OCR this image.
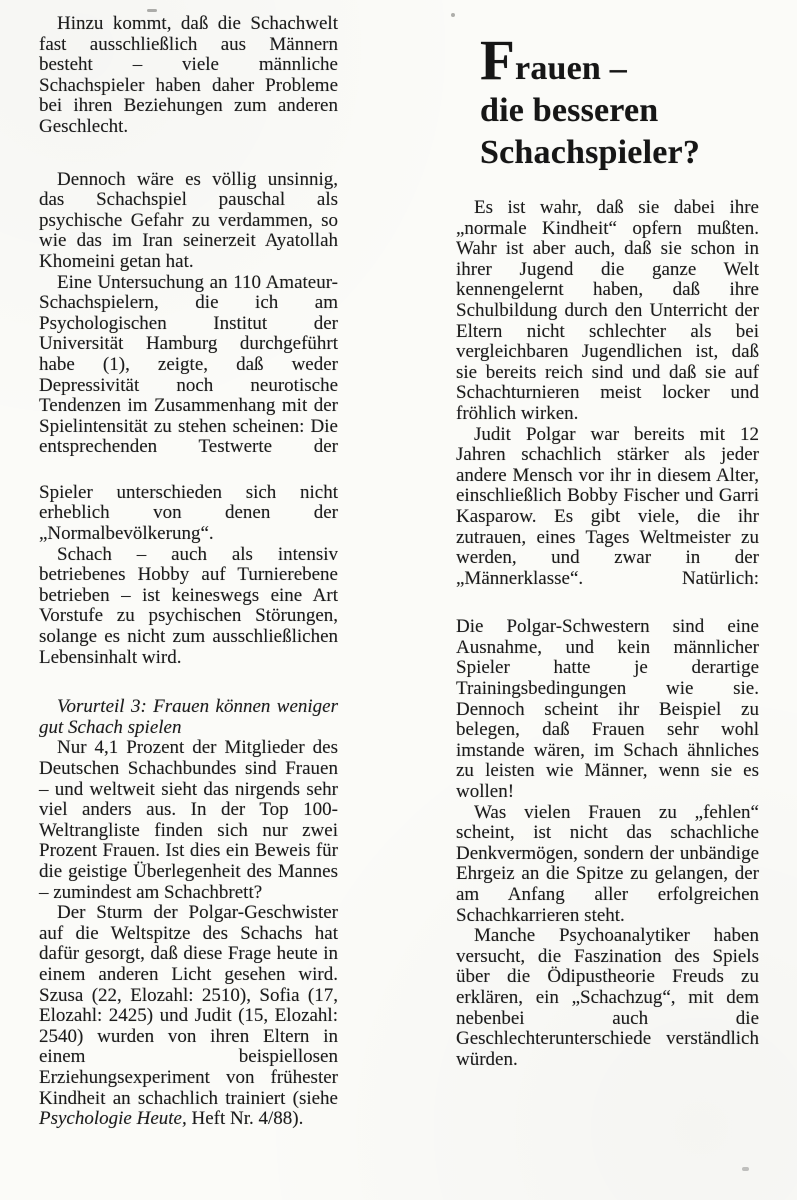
Hinzu kommt, daß die Schachwelt fast ausschließlich aus Männern besteht – viele männliche Schachspieler haben daher Probleme bei ihren Beziehungen zum anderen Geschlecht.

Dennoch wäre es völlig unsinnig, das Schachspiel pauschal als psychische Gefahr zu verdammen, so wie das im Iran seinerzeit Ayatollah Khomeini getan hat.

Eine Untersuchung an 110 Amateur-Schachspielern, die ich am Psychologischen Institut der Universität Hamburg durchgeführt habe (1), zeigte, daß weder Depressivität noch neurotische Tendenzen im Zusammenhang mit der Spielintensität zu stehen scheinen: Die entsprechenden Testwerte der

Spieler unterschieden sich nicht erheblich von denen der „Normalbevölkerung“.

Schach – auch als intensiv betriebenes Hobby auf Turnierebene betrieben – ist keineswegs eine Art Vorstufe zu psychischen Störungen, solange es nicht zum ausschließlichen Lebensinhalt wird.

Vorurteil 3: Frauen können weniger gut Schach spielen

Nur 4,1 Prozent der Mitglieder des Deutschen Schachbundes sind Frauen – und weltweit sieht das nirgends sehr viel anders aus. In der Top 100-Weltrangliste finden sich nur zwei Prozent Frauen. Ist dies ein Beweis für die geistige Überlegenheit des Mannes – zumindest am Schachbrett?

Der Sturm der Polgar-Geschwister auf die Weltspitze des Schachs hat dafür gesorgt, daß diese Frage heute in einem anderen Licht gesehen wird. Szusa (22, Elozahl: 2510), Sofia (17, Elozahl: 2425) und Judit (15, Elozahl: 2540) wurden von ihren Eltern in einem beispiellosen Erziehungsexperiment von frühester Kindheit an schachlich trainiert (siehe Psychologie Heute, Heft Nr. 4/88).

Frauen –
die besseren
Schachspieler?

Es ist wahr, daß sie dabei ihre „normale Kindheit“ opfern mußten. Wahr ist aber auch, daß sie schon in ihrer Jugend die ganze Welt kennengelernt haben, daß ihre Schulbildung durch den Unterricht der Eltern nicht schlechter als bei vergleichbaren Jugendlichen ist, daß sie bereits reich sind und daß sie auf Schachturnieren meist locker und fröhlich wirken.

Judit Polgar war bereits mit 12 Jahren schachlich stärker als jeder andere Mensch vor ihr in diesem Alter, einschließlich Bobby Fischer und Garri Kasparow. Es gibt viele, die ihr zutrauen, eines Tages Weltmeister zu werden, und zwar in der „Männerklasse“. Natürlich:

Die Polgar-Schwestern sind eine Ausnahme, und kein männlicher Spieler hatte je derartige Trainingsbedingungen wie sie. Dennoch scheint ihr Beispiel zu belegen, daß Frauen sehr wohl imstande wären, im Schach ähnliches zu leisten wie Männer, wenn sie es wollen!

Was vielen Frauen zu „fehlen“ scheint, ist nicht das schachliche Denkvermögen, sondern der unbändige Ehrgeiz an die Spitze zu gelangen, der am Anfang aller erfolgreichen Schachkarrieren steht.

Manche Psychoanalytiker haben versucht, die Faszination des Spiels über die Ödipustheorie Freuds zu erklären, ein „Schachzug“, mit dem nebenbei auch die Geschlechterunterschiede verständlich würden.
